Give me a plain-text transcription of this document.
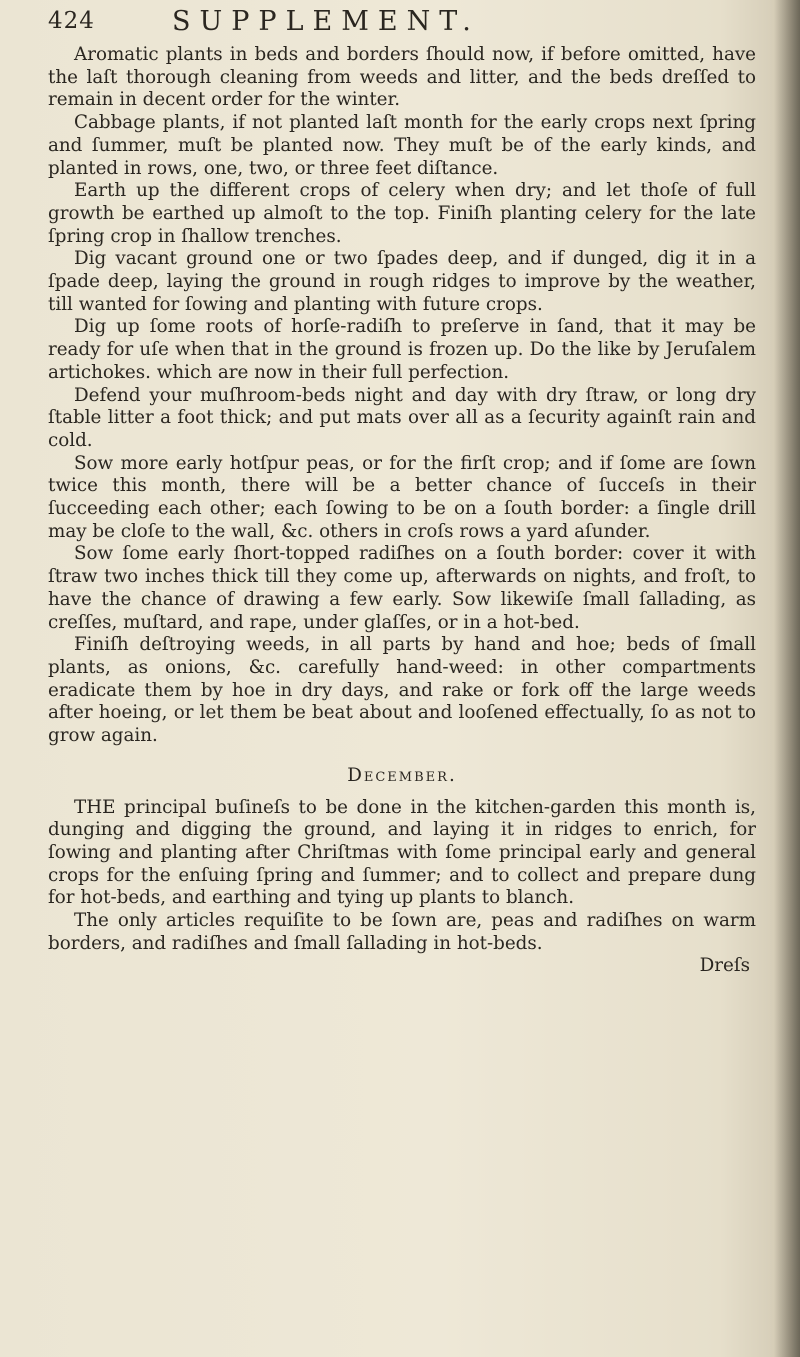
424	SUPPLEMENT.

Aromatic plants in beds and borders ſhould now, if before omitted, have the laſt thorough cleaning from weeds and litter, and the beds dreſſed to remain in decent order for the winter.

Cabbage plants, if not planted laſt month for the early crops next ſpring and ſummer, muſt be planted now. They muſt be of the early kinds, and planted in rows, one, two, or three feet diſtance.

Earth up the different crops of celery when dry; and let thoſe of full growth be earthed up almoſt to the top. Finiſh planting celery for the late ſpring crop in ſhallow trenches.

Dig vacant ground one or two ſpades deep, and if dunged, dig it in a ſpade deep, laying the ground in rough ridges to improve by the weather, till wanted for ſowing and planting with future crops.

Dig up ſome roots of horſe-radiſh to preſerve in ſand, that it may be ready for uſe when that in the ground is frozen up. Do the like by Jeruſalem artichokes. which are now in their full perfection.

Defend your muſhroom-beds night and day with dry ſtraw, or long dry ſtable litter a foot thick; and put mats over all as a ſecurity againſt rain and cold.

Sow more early hotſpur peas, or for the firſt crop; and if ſome are ſown twice this month, there will be a better chance of ſucceſs in their ſucceeding each other; each ſowing to be on a ſouth border: a ſingle drill may be cloſe to the wall, &c. others in croſs rows a yard aſunder.

Sow ſome early ſhort-topped radiſhes on a ſouth border: cover it with ſtraw two inches thick till they come up, afterwards on nights, and froſt, to have the chance of drawing a few early. Sow likewiſe ſmall ſallading, as creſſes, muſtard, and rape, under glaſſes, or in a hot-bed.

Finiſh deſtroying weeds, in all parts by hand and hoe; beds of ſmall plants, as onions, &c. carefully hand-weed: in other compartments eradicate them by hoe in dry days, and rake or fork off the large weeds after hoeing, or let them be beat about and looſened effectually, ſo as not to grow again.

December.

THE principal buſineſs to be done in the kitchen-garden this month is, dunging and digging the ground, and laying it in ridges to enrich, for ſowing and planting after Chriſtmas with ſome principal early and general crops for the enſuing ſpring and ſummer; and to collect and prepare dung for hot-beds, and earthing and tying up plants to blanch.

The only articles requiſite to be ſown are, peas and radiſhes on warm borders, and radiſhes and ſmall ſallading in hot-beds.

Dreſs
